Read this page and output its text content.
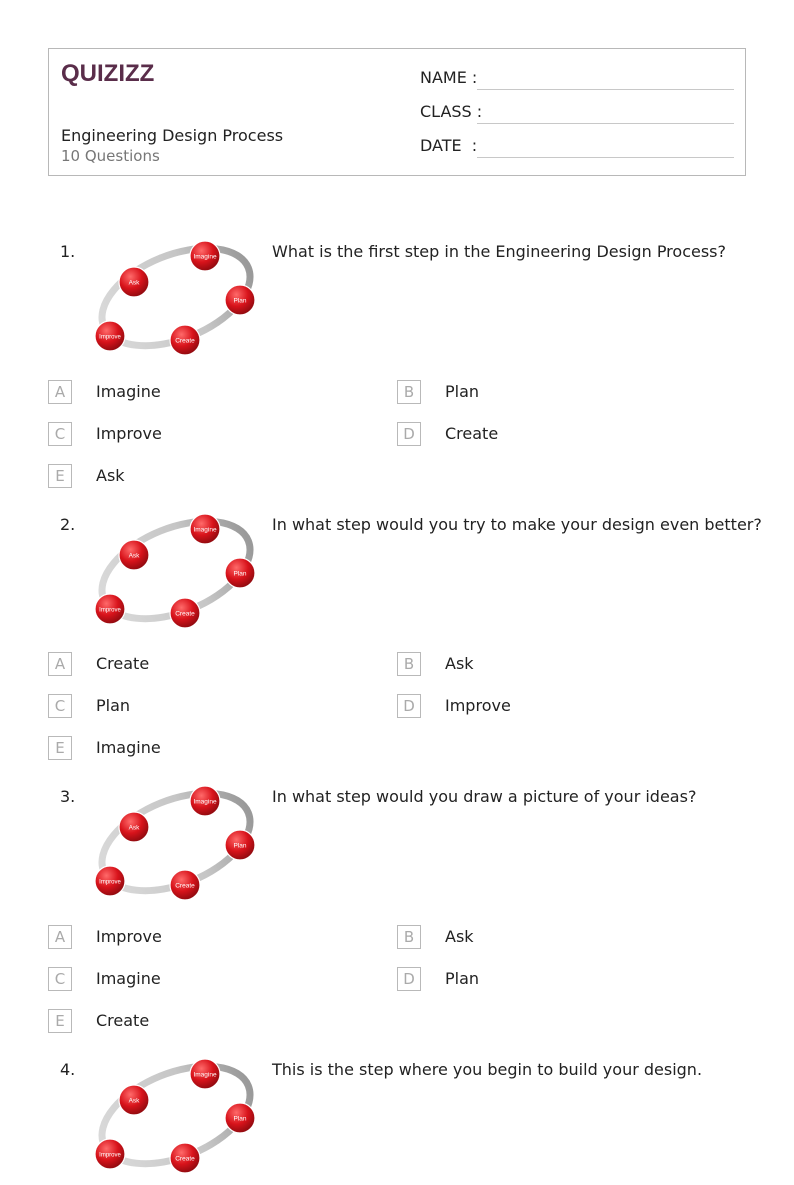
QUIZIZZ
Engineering Design Process
10 Questions
NAME :
CLASS :
DATE  :
1.	Imagine
Plan
Create
Improve
Ask
What is the first step in the Engineering Design Process?
A	Imagine	B	Plan
C	Improve	D	Create
E	Ask
2.	Imagine
Plan
Create
Improve
Ask
In what step would you try to make your design even better?
A	Create	B	Ask
C	Plan	D	Improve
E	Imagine
3.	Imagine
Plan
Create
Improve
Ask
In what step would you draw a picture of your ideas?
A	Improve	B	Ask
C	Imagine	D	Plan
E	Create
4.	Imagine
Plan
Create
Improve
Ask
This is the step where you begin to build your design.
